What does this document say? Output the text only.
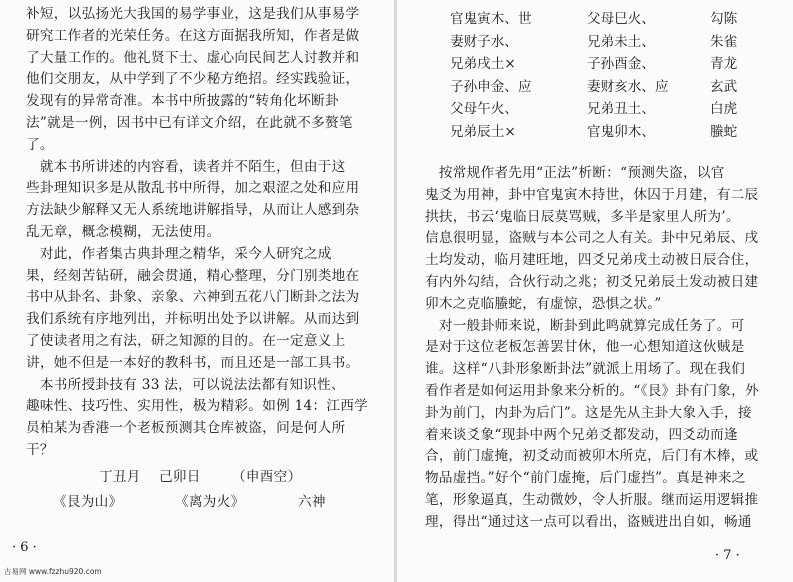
补短，以弘扬光大我国的易学事业，这是我们从事易学
研究工作者的光荣任务。在这方面据我所知，作者是做
了大量工作的。他礼贤下士、虚心向民间艺人讨教并和
他们交朋友，从中学到了不少秘方绝招。经实践验证，
发现有的异常奇准。本书中所披露的“转角化坏断卦
法”就是一例，因书中已有详文介绍，在此就不多赘笔
了。
　就本书所讲述的内容看，读者并不陌生，但由于这
些卦理知识多是从散乱书中所得，加之艰涩之处和应用
方法缺少解释又无人系统地讲解指导，从而让人感到杂
乱无章，概念模糊，无法使用。
　对此，作者集古典卦理之精华，采今人研究之成
果，经刻苦钻研，融会贯通，精心整理，分门别类地在
书中从卦名、卦象、亲象、六神到五花八门断卦之法为
我们系统有序地列出，并标明出处予以讲解。从而达到
了使读者用之有法，研之知源的目的。在一定意义上
讲，她不但是一本好的教科书，而且还是一部工具书。
　本书所授卦技有 33 法，可以说法法都有知识性、
趣味性、技巧性、实用性，极为精彩。如例 14：江西学
员柏某为香港一个老板预测其仓库被盗，问是何人所
干？
丁丑月 己卯日 （申酉空）
《艮为山》	《离为火》	六神
· 6 ·
官鬼寅木、世	父母巳火、	勾陈
妻财子水、	兄弟未土、	朱雀
兄弟戌土×	子孙酉金、	青龙
子孙申金、应	妻财亥水、应	玄武
父母午火、	兄弟丑土、	白虎
兄弟辰土×	官鬼卯木、	螣蛇
　按常规作者先用“正法”析断：“预测失盗，以官
鬼爻为用神，卦中官鬼寅木持世，休囚于月建，有二辰
拱扶，书云‘鬼临日辰莫骂贼，多半是家里人所为’。
信息很明显，盗贼与本公司之人有关。卦中兄弟辰、戌
土均发动，临月建旺地，四爻兄弟戌土动被日辰合住，
有内外勾结，合伙行动之兆；初爻兄弟辰土发动被日建
卯木之克临螣蛇，有虚惊，恐惧之状。”
　对一般卦师来说，断卦到此鸣就算完成任务了。可
是对于这位老板怎善罢甘休，他一心想知道这伙贼是
谁。这样“八卦形象断卦法”就派上用场了。现在我们
看作者是如何运用卦象来分析的。“《艮》卦有门象，外
卦为前门，内卦为后门”。这是先从主卦大象入手，接
着来谈爻象“现卦中两个兄弟爻都发动，四爻动而逢
合，前门虚掩，初爻动而被卯木所克，后门有木棒，或
物品虚挡。”好个“前门虚掩，后门虚挡”。真是神来之
笔，形象逼真，生动微妙，令人折服。继而运用逻辑推
理，得出“通过这一点可以看出，盗贼进出自如，畅通
· 7 ·
古易网 www.fzzhu920.com
